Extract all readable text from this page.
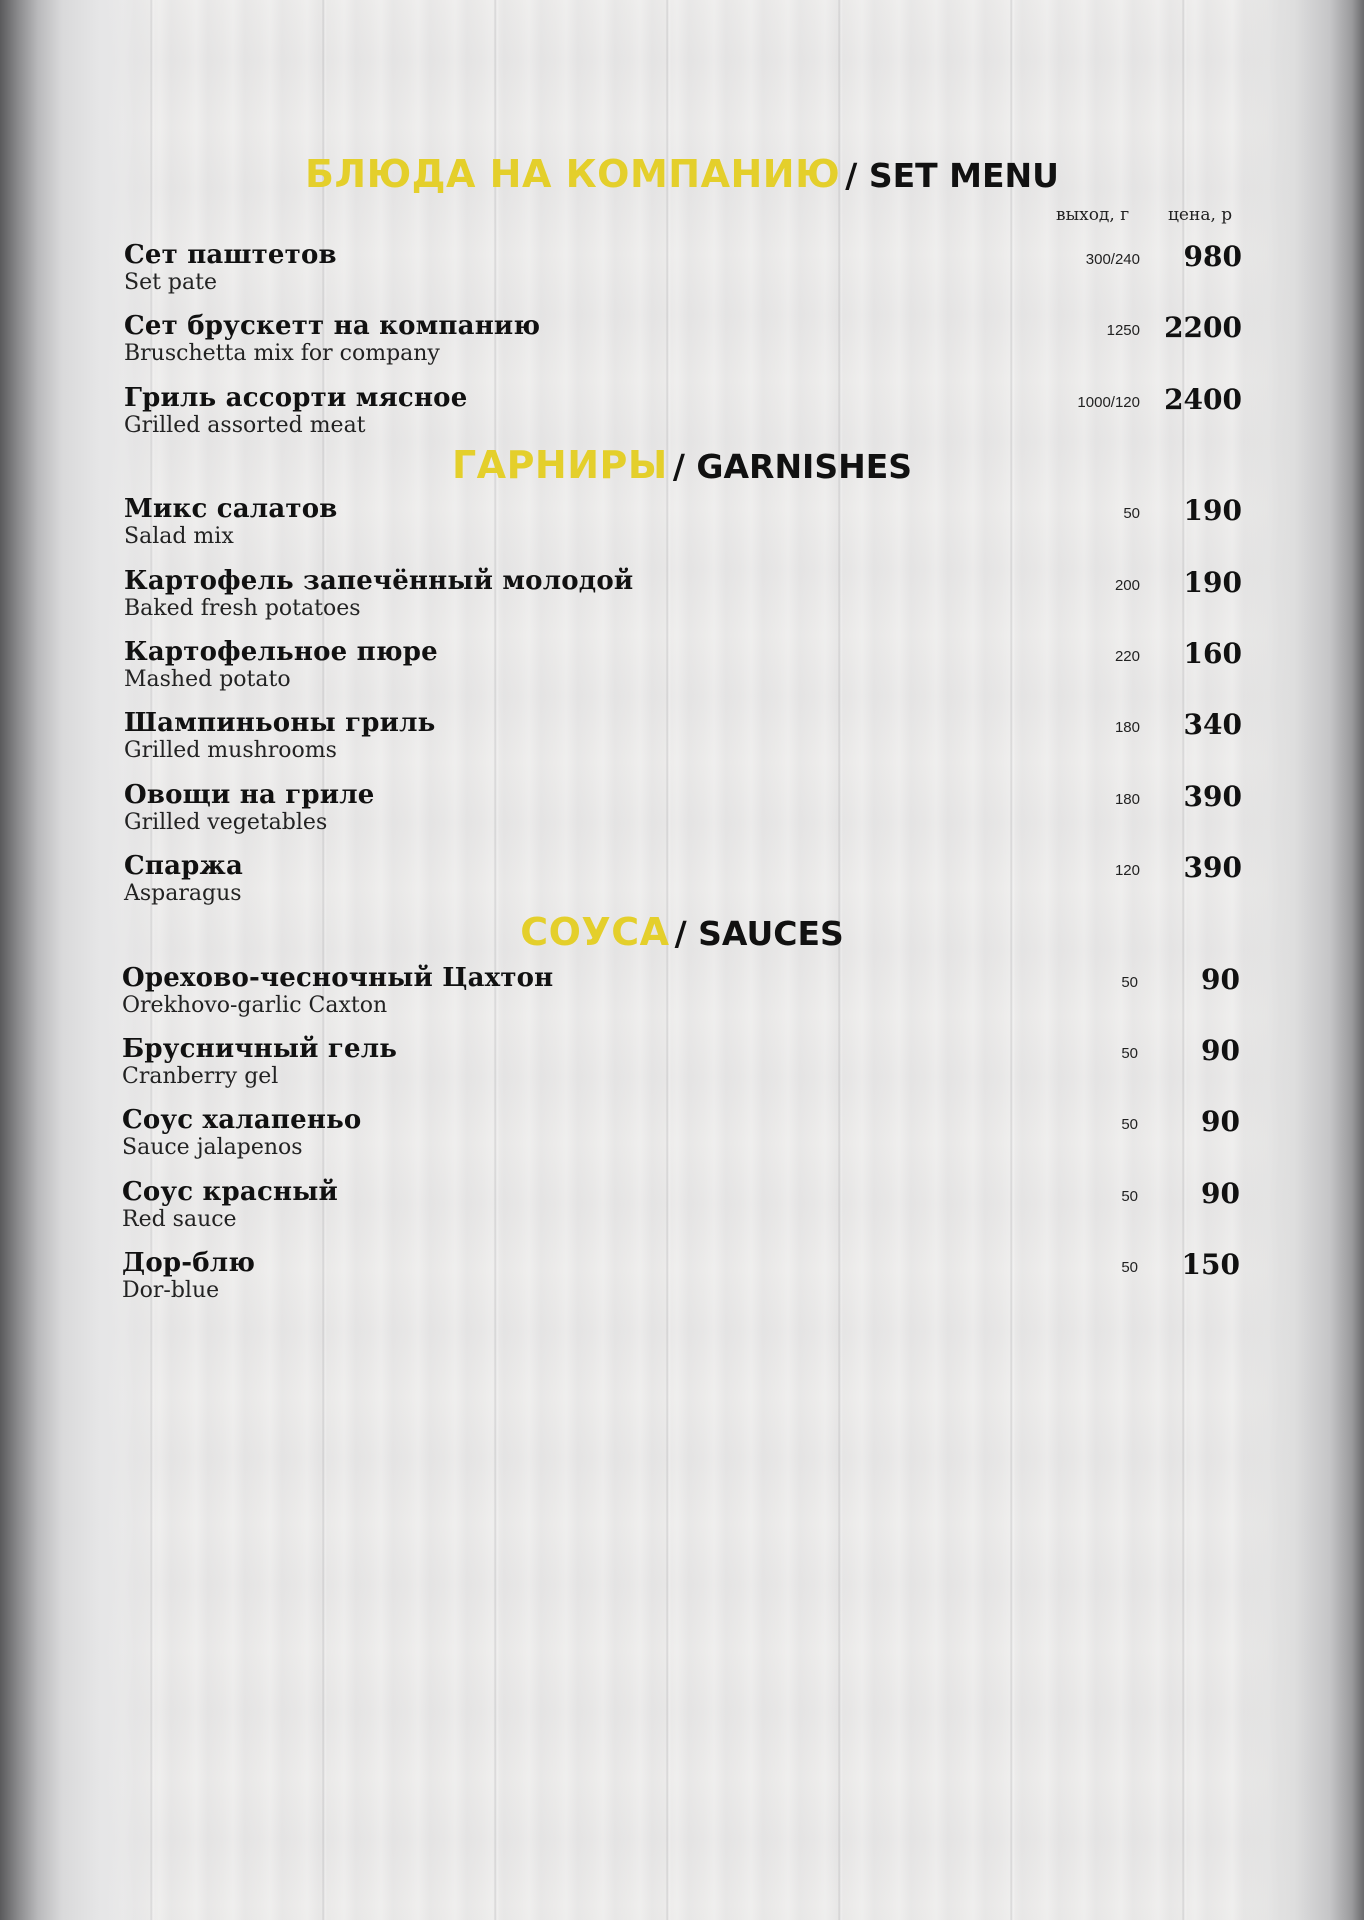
БЛЮДА НА КОМПАНИЮ / SET MENU
выход, г цена, р
Сет паштетов
Set pate
300/240 980
Сет брускетт на компанию
Bruschetta mix for company
1250 2200
Гриль ассорти мясное
Grilled assorted meat
1000/120 2400
ГАРНИРЫ / GARNISHES
Микс салатов
Salad mix
50 190
Картофель запечённый молодой
Baked fresh potatoes
200 190
Картофельное пюре
Mashed potato
220 160
Шампиньоны гриль
Grilled mushrooms
180 340
Овощи на гриле
Grilled vegetables
180 390
Спаржа
Asparagus
120 390
СОУСА / SAUCES
Орехово-чесночный Цахтон
Orekhovo-garlic Caxton
50 90
Брусничный гель
Cranberry gel
50 90
Соус халапеньо
Sauce jalapenos
50 90
Соус красный
Red sauce
50 90
Дор-блю
Dor-blue
50 150
